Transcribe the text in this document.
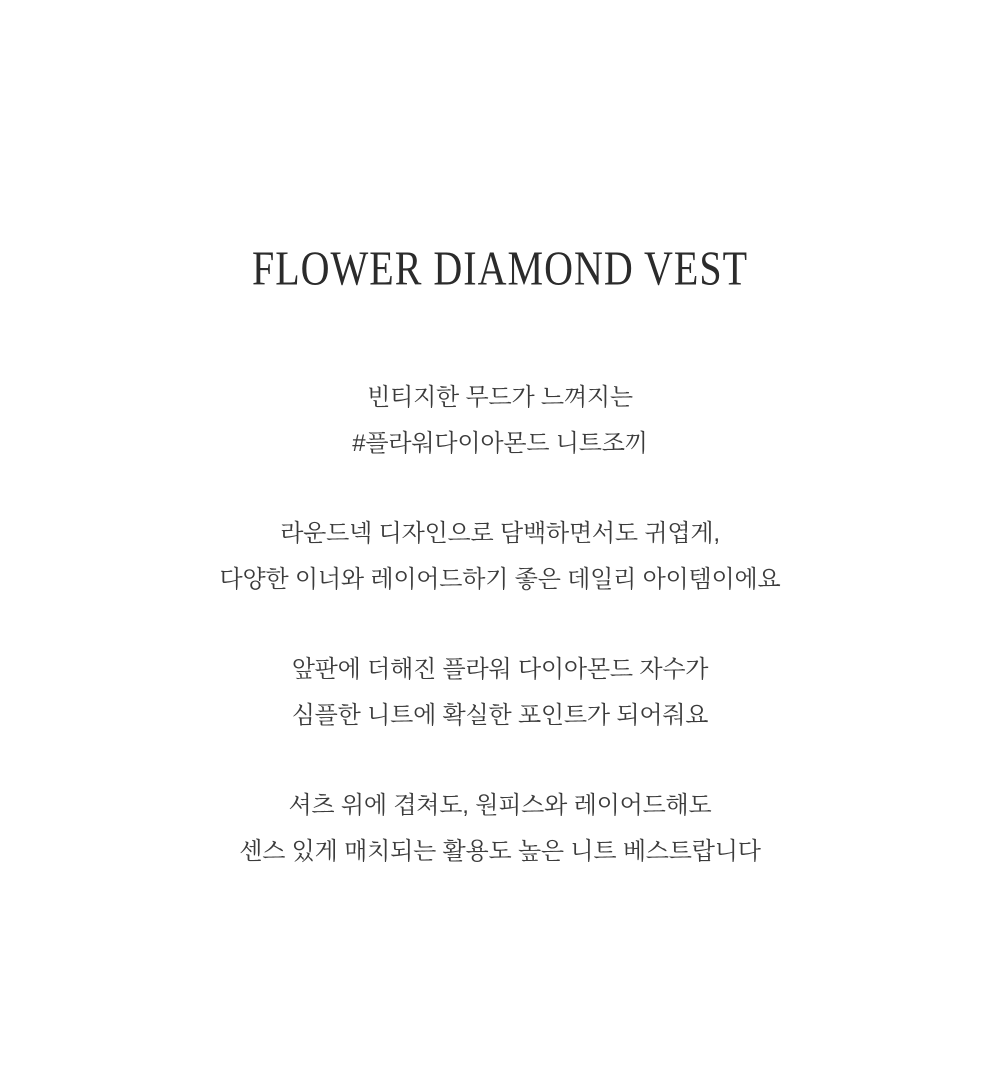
FLOWER DIAMOND VEST
빈티지한 무드가 느껴지는
#플라워다이아몬드 니트조끼
라운드넥 디자인으로 담백하면서도 귀엽게,
다양한 이너와 레이어드하기 좋은 데일리 아이템이에요
앞판에 더해진 플라워 다이아몬드 자수가
심플한 니트에 확실한 포인트가 되어줘요
셔츠 위에 겹쳐도, 원피스와 레이어드해도
센스 있게 매치되는 활용도 높은 니트 베스트랍니다
